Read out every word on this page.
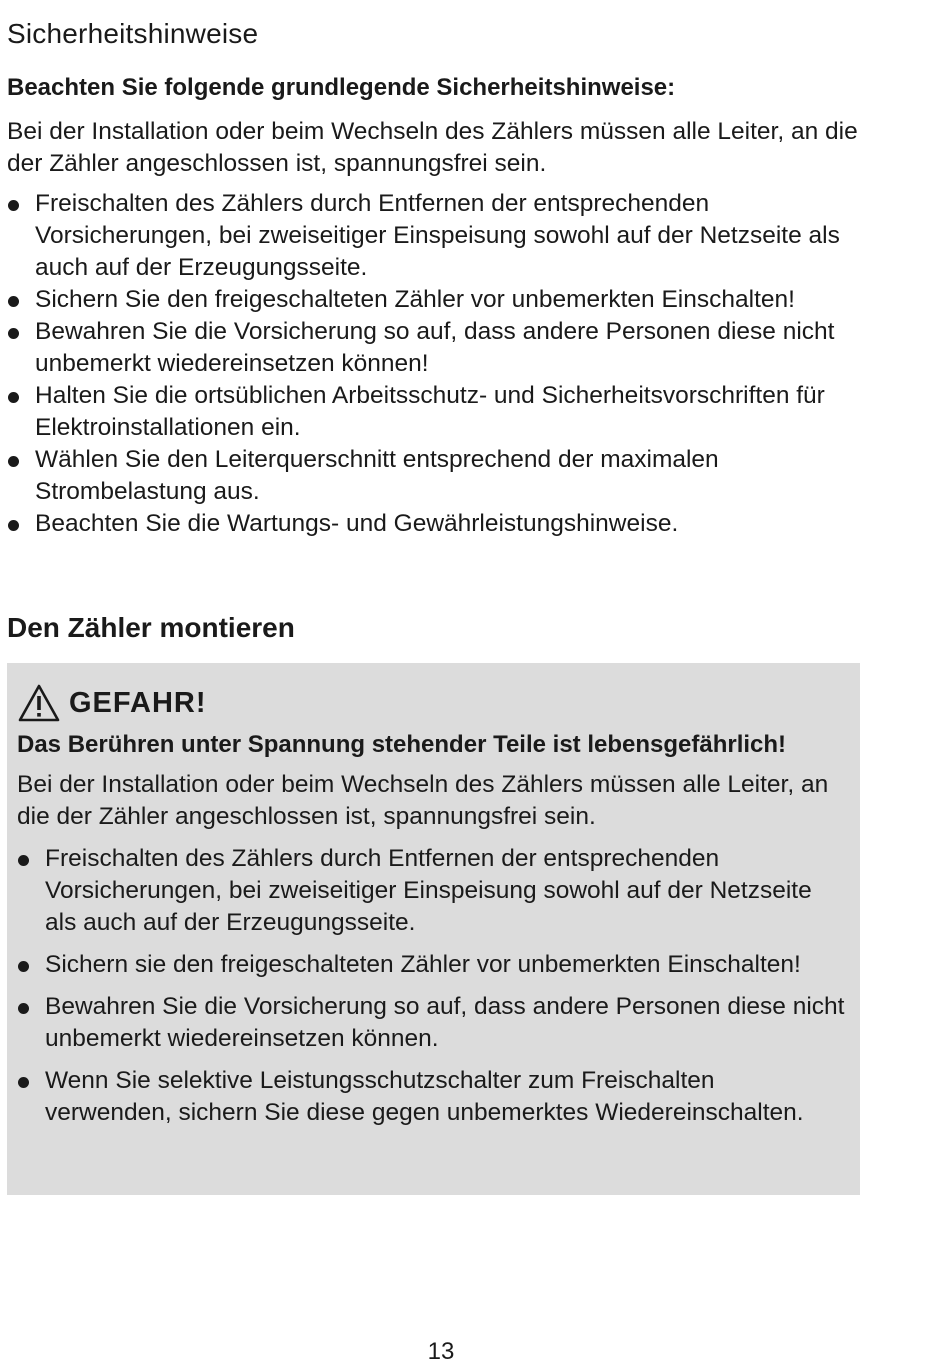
Sicherheitshinweise
Beachten Sie folgende grundlegende Sicherheitshinweise:
Bei der Installation oder beim Wechseln des Zählers müssen alle Leiter, an die der Zähler angeschlossen ist, spannungsfrei sein.
Freischalten des Zählers durch Entfernen der entsprechenden Vorsicherungen, bei zweiseitiger Einspeisung sowohl auf der Netzseite als auch auf der Erzeugungsseite.
Sichern Sie den freigeschalteten Zähler vor unbemerkten Einschalten!
Bewahren Sie die Vorsicherung so auf, dass andere Personen diese nicht unbemerkt wiedereinsetzen können!
Halten Sie die ortsüblichen Arbeitsschutz- und Sicherheitsvorschriften für Elektroinstallationen ein.
Wählen Sie den Leiterquerschnitt entsprechend der maximalen Strombelastung aus.
Beachten Sie die Wartungs- und Gewährleistungshinweise.
Den Zähler montieren
GEFAHR!
Das Berühren unter Spannung stehender Teile ist lebensgefährlich!
Bei der Installation oder beim Wechseln des Zählers müssen alle Leiter, an die der Zähler angeschlossen ist, spannungsfrei sein.
Freischalten des Zählers durch Entfernen der entsprechenden Vorsicherungen, bei zweiseitiger Einspeisung sowohl auf der Netzseite als auch auf der Erzeugungsseite.
Sichern sie den freigeschalteten Zähler vor unbemerkten Einschalten!
Bewahren Sie die Vorsicherung so auf, dass andere Personen diese nicht unbemerkt wiedereinsetzen können.
Wenn Sie selektive Leistungsschutzschalter zum Freischalten verwenden, sichern Sie diese gegen unbemerktes Wiedereinschalten.
13
